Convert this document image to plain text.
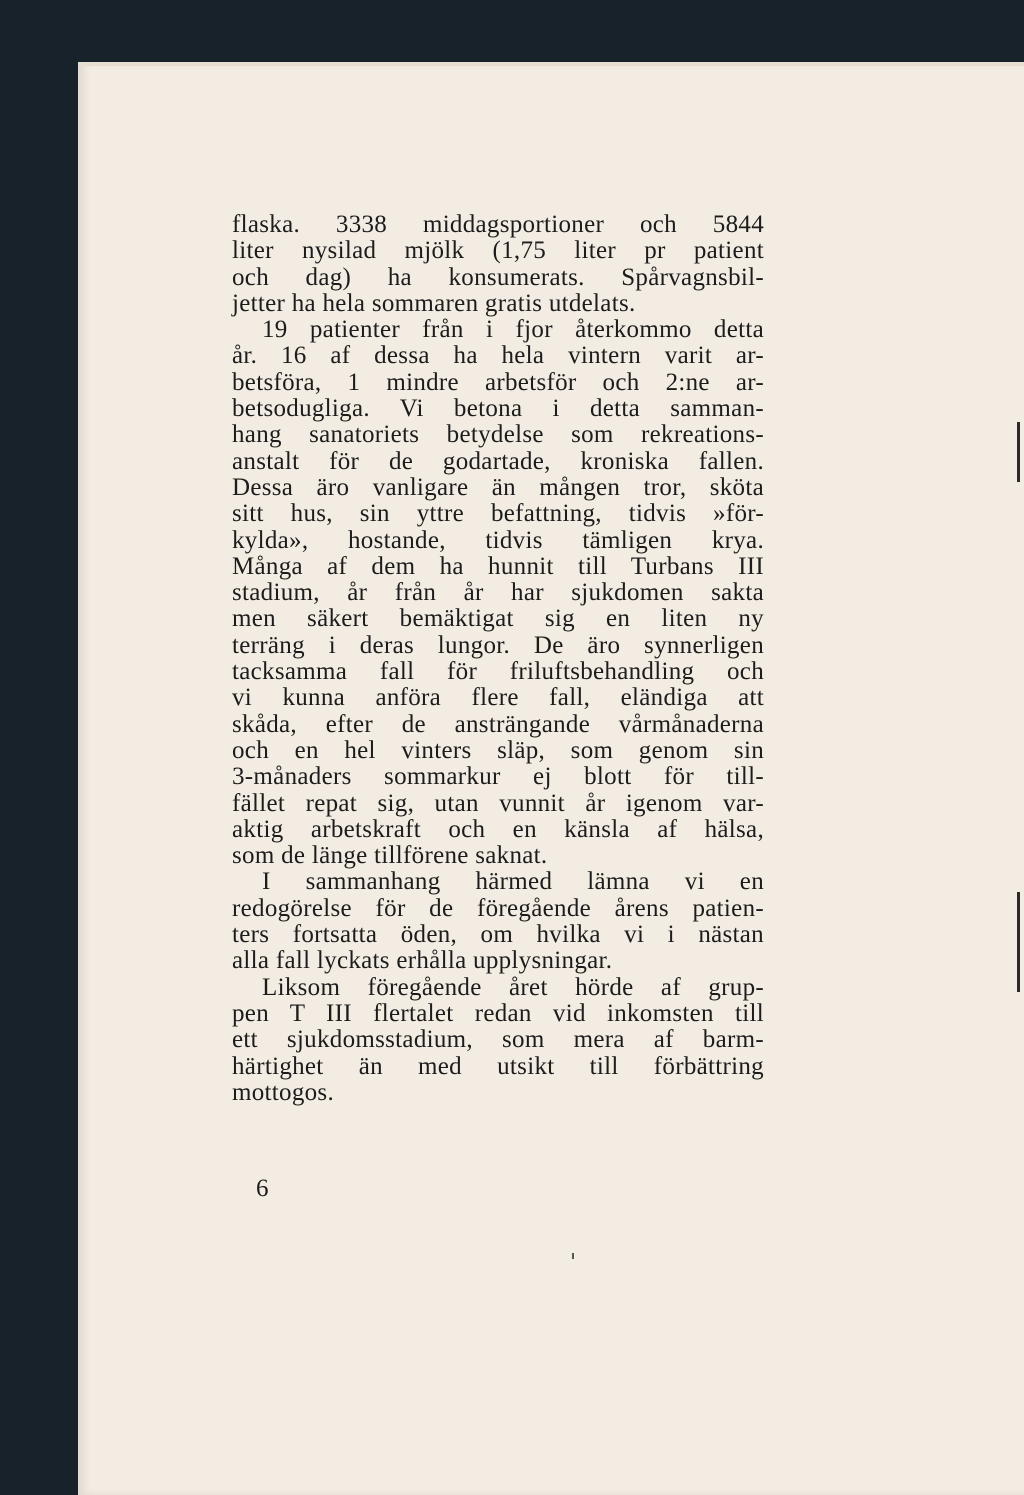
flaska. 3338 middagsportioner och 5844
liter nysilad mjölk (1,75 liter pr patient
och dag) ha konsumerats. Spårvagnsbil-
jetter ha hela sommaren gratis utdelats.
19 patienter från i fjor återkommo detta
år. 16 af dessa ha hela vintern varit ar-
betsföra, 1 mindre arbetsför och 2:ne ar-
betsodugliga. Vi betona i detta samman-
hang sanatoriets betydelse som rekreations-
anstalt för de godartade, kroniska fallen.
Dessa äro vanligare än mången tror, sköta
sitt hus, sin yttre befattning, tidvis »för-
kylda», hostande, tidvis tämligen krya.
Många af dem ha hunnit till Turbans III
stadium, år från år har sjukdomen sakta
men säkert bemäktigat sig en liten ny
terräng i deras lungor. De äro synnerligen
tacksamma fall för friluftsbehandling och
vi kunna anföra flere fall, eländiga att
skåda, efter de ansträngande vårmånaderna
och en hel vinters släp, som genom sin
3-månaders sommarkur ej blott för till-
fället repat sig, utan vunnit år igenom var-
aktig arbetskraft och en känsla af hälsa,
som de länge tillförene saknat.
I sammanhang härmed lämna vi en
redogörelse för de föregående årens patien-
ters fortsatta öden, om hvilka vi i nästan
alla fall lyckats erhålla upplysningar.
Liksom föregående året hörde af grup-
pen T III flertalet redan vid inkomsten till
ett sjukdomsstadium, som mera af barm-
härtighet än med utsikt till förbättring
mottogos.
6
